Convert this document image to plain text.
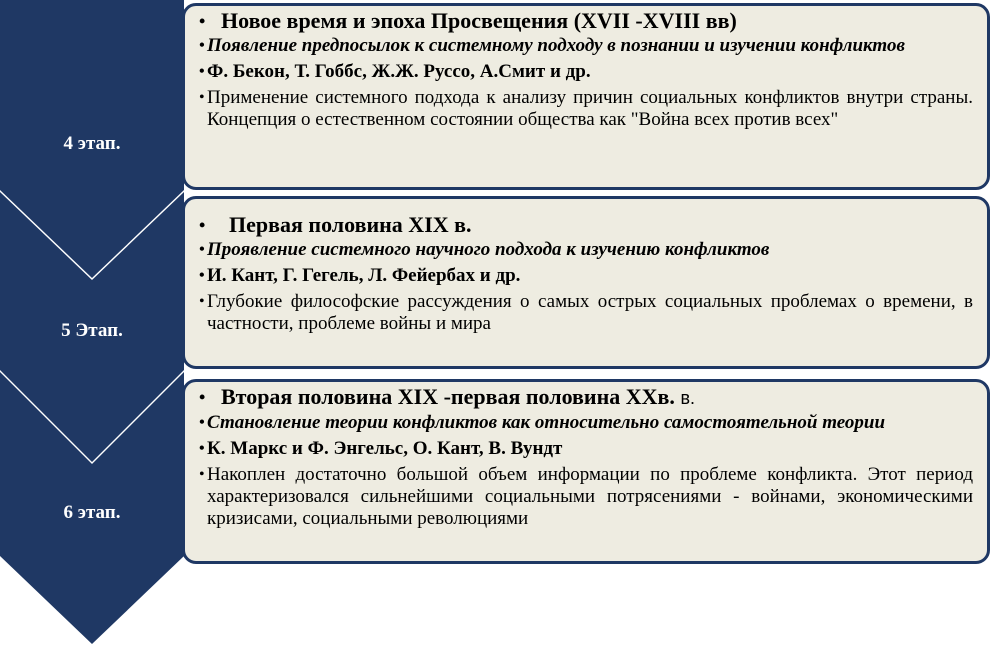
4 этап.
5 Этап.
6 этап.
• Новое время и эпоха Просвещения (XVII -XVIII вв)
• Появление предпосылок к системному подходу в познании и изучении конфликтов
• Ф. Бекон, Т. Гоббс, Ж.Ж. Руссо, А.Смит и др.
• Применение системного подхода к анализу причин социальных конфликтов внутри страны. Концепция о естественном состоянии общества как "Война всех против всех"
•	Первая половина XIX в.
• Проявление системного научного подхода к изучению конфликтов
• И. Кант, Г. Гегель, Л. Фейербах и др.
• Глубокие философские рассуждения о самых острых социальных проблемах о времени, в частности, проблеме войны и мира
• Вторая половина XIX -первая половина XXв. в.
• Становление теории конфликтов как относительно самостоятельной теории
• К. Маркс и Ф. Энгельс, О. Кант, В. Вундт
• Накоплен достаточно большой объем информации по проблеме конфликта. Этот период характеризовался сильнейшими социальными потрясениями - войнами, экономическими кризисами, социальными революциями
